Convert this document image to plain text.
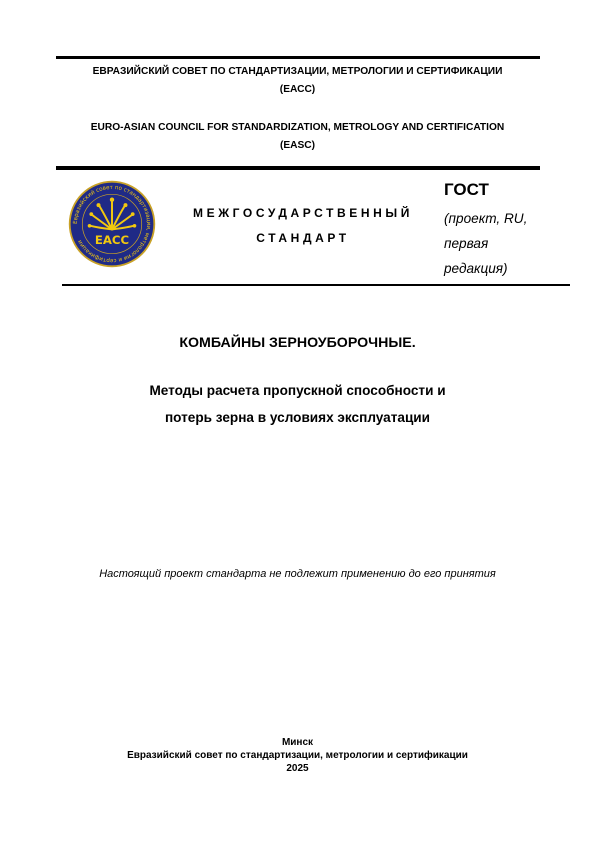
ЕВРАЗИЙСКИЙ СОВЕТ ПО СТАНДАРТИЗАЦИИ, МЕТРОЛОГИИ И СЕРТИФИКАЦИИ
(ЕАСС)
EURO-ASIAN COUNCIL FOR STANDARDIZATION, METROLOGY AND CERTIFICATION
(EASC)
Евразийский совет по стандартизации, метрологии и сертификации EACC
МЕЖГОСУДАРСТВЕННЫЙ
СТАНДАРТ
ГОСТ
(проект, RU,
первая
редакция)
КОМБАЙНЫ ЗЕРНОУБОРОЧНЫЕ.
Методы расчета пропускной способности и
потерь зерна в условиях эксплуатации
Настоящий проект стандарта не подлежит применению до его принятия
Минск
Евразийский совет по стандартизации, метрологии и сертификации
2025
